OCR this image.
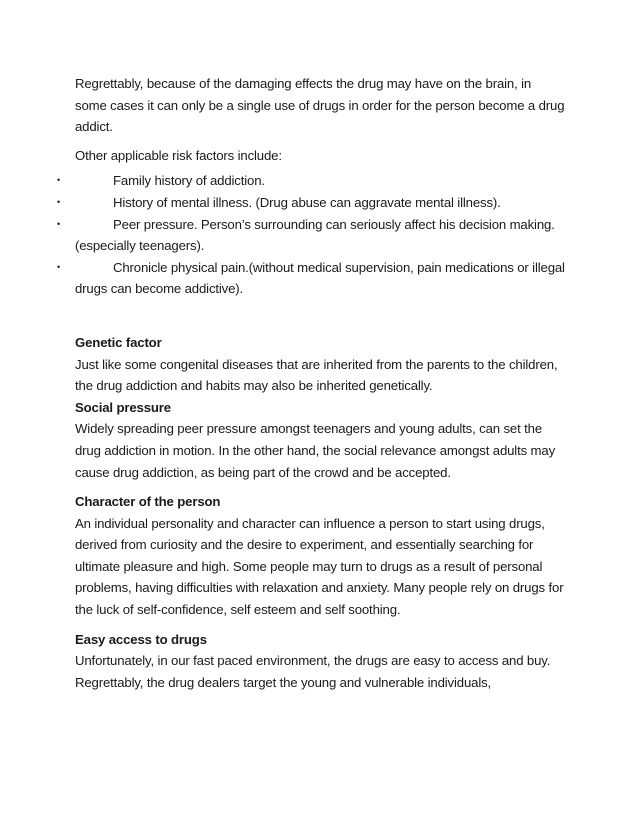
Regrettably, because of the damaging effects the drug may have on the brain, in some cases it can only be a single use of drugs in order for the person become a drug addict.

Other applicable risk factors include:

•	Family history of addiction.
•	History of mental illness. (Drug abuse can aggravate mental illness).
•	Peer pressure. Person’s surrounding can seriously affect his decision making.(especially teenagers).
•	Chronicle physical pain.(without medical supervision, pain medications or illegal drugs can become addictive).

Genetic factor

Just like some congenital diseases that are inherited from the parents to the children, the drug addiction and habits may also be inherited genetically.

Social pressure

Widely spreading peer pressure amongst teenagers and young adults, can set the drug addiction in motion. In the other hand, the social relevance amongst adults may cause drug addiction, as being part of the crowd and be accepted.

Character of the person

An individual personality and character can influence a person to start using drugs, derived from curiosity and the desire to experiment, and essentially searching for ultimate pleasure and high. Some people may turn to drugs as a result of personal problems, having difficulties with relaxation and anxiety. Many people rely on drugs for the luck of self-confidence, self esteem and self soothing.

Easy access to drugs

Unfortunately, in our fast paced environment, the drugs are easy to access and buy. Regrettably, the drug dealers target the young and vulnerable individuals,
